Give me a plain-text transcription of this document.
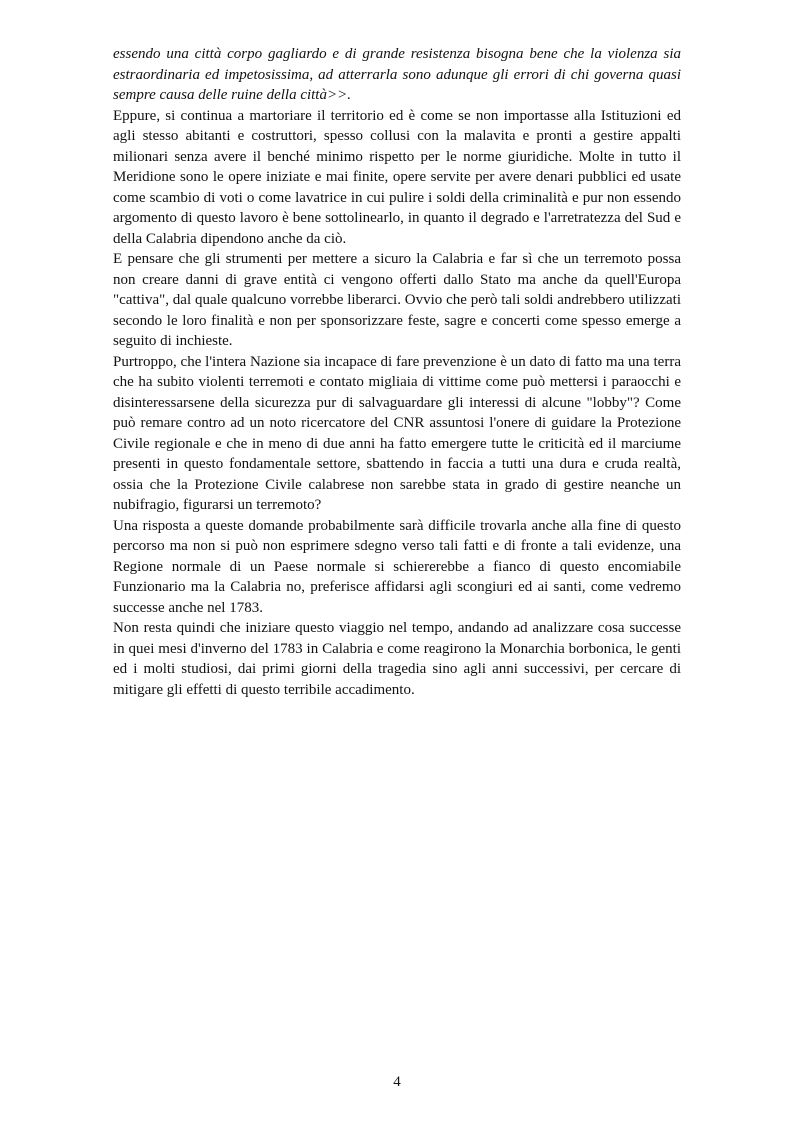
essendo una città corpo gagliardo e di grande resistenza bisogna bene che la violenza sia estraordinaria ed impetosissima, ad atterrarla sono adunque gli errori di chi governa quasi sempre causa delle ruine della città>>.

Eppure, si continua a martoriare il territorio ed è come se non importasse alla Istituzioni ed agli stesso abitanti e costruttori, spesso collusi con la malavita e pronti a gestire appalti milionari senza avere il benché minimo rispetto per le norme giuridiche. Molte in tutto il Meridione sono le opere iniziate e mai finite, opere servite per avere denari pubblici ed usate come scambio di voti o come lavatrice in cui pulire i soldi della criminalità e pur non essendo argomento di questo lavoro è bene sottolinearlo, in quanto il degrado e l'arretratezza del Sud e della Calabria dipendono anche da ciò.

E pensare che gli strumenti per mettere a sicuro la Calabria e far sì che un terremoto possa non creare danni di grave entità ci vengono offerti dallo Stato ma anche da quell'Europa "cattiva", dal quale qualcuno vorrebbe liberarci. Ovvio che però tali soldi andrebbero utilizzati secondo le loro finalità e non per sponsorizzare feste, sagre e concerti come spesso emerge a seguito di inchieste.

Purtroppo, che l'intera Nazione sia incapace di fare prevenzione è un dato di fatto ma una terra che ha subito violenti terremoti e contato migliaia di vittime come può mettersi i paraocchi e disinteressarsene della sicurezza pur di salvaguardare gli interessi di alcune "lobby"? Come può remare contro ad un noto ricercatore del CNR assuntosi l'onere di guidare la Protezione Civile regionale e che in meno di due anni ha fatto emergere tutte le criticità ed il marciume presenti in questo fondamentale settore, sbattendo in faccia a tutti una dura e cruda realtà, ossia che la Protezione Civile calabrese non sarebbe stata in grado di gestire neanche un nubifragio, figurarsi un terremoto?

Una risposta a queste domande probabilmente sarà difficile trovarla anche alla fine di questo percorso ma non si può non esprimere sdegno verso tali fatti e di fronte a tali evidenze, una Regione normale di un Paese normale si schiererebbe a fianco di questo encomiabile Funzionario ma la Calabria no, preferisce affidarsi agli scongiuri ed ai santi, come vedremo successe anche nel 1783.

Non resta quindi che iniziare questo viaggio nel tempo, andando ad analizzare cosa successe in quei mesi d'inverno del 1783 in Calabria e come reagirono la Monarchia borbonica, le genti ed i molti studiosi, dai primi giorni della tragedia sino agli anni successivi, per cercare di mitigare gli effetti di questo terribile accadimento.

4
